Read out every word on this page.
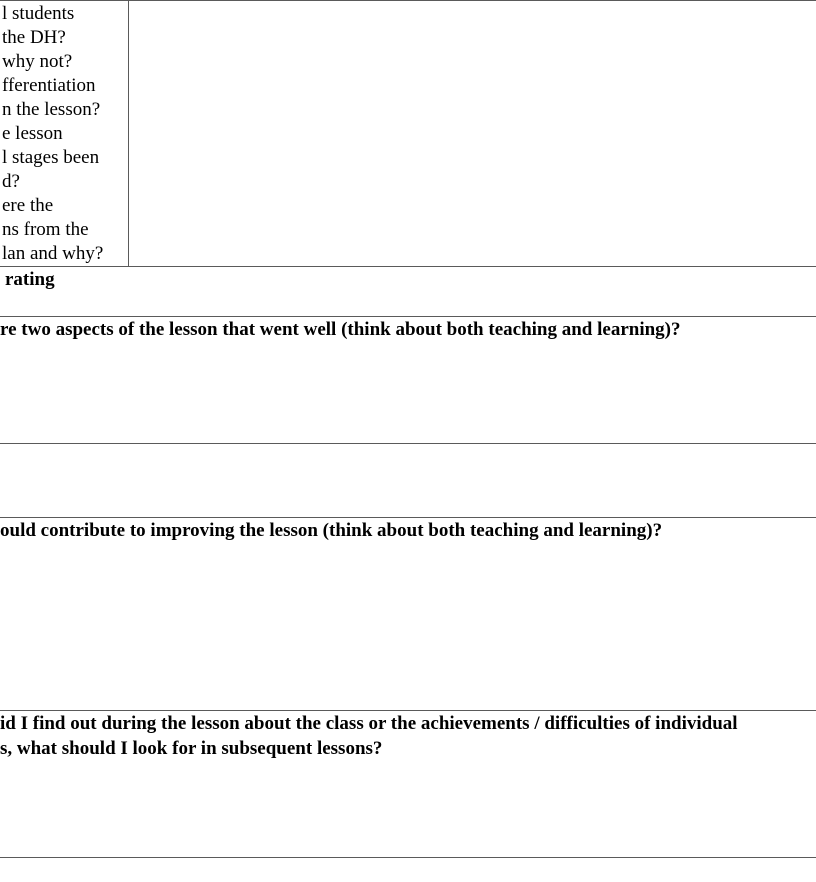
l students
the DH?
why not?
fferentiation
n the lesson?
e lesson
l stages been
d?
ere the
ns from the
lan and why?
rating
re two aspects of the lesson that went well (think about both teaching and learning)?
ould contribute to improving the lesson (think about both teaching and learning)?
id I find out during the lesson about the class or the achievements / difficulties of individual
s, what should I look for in subsequent lessons?
